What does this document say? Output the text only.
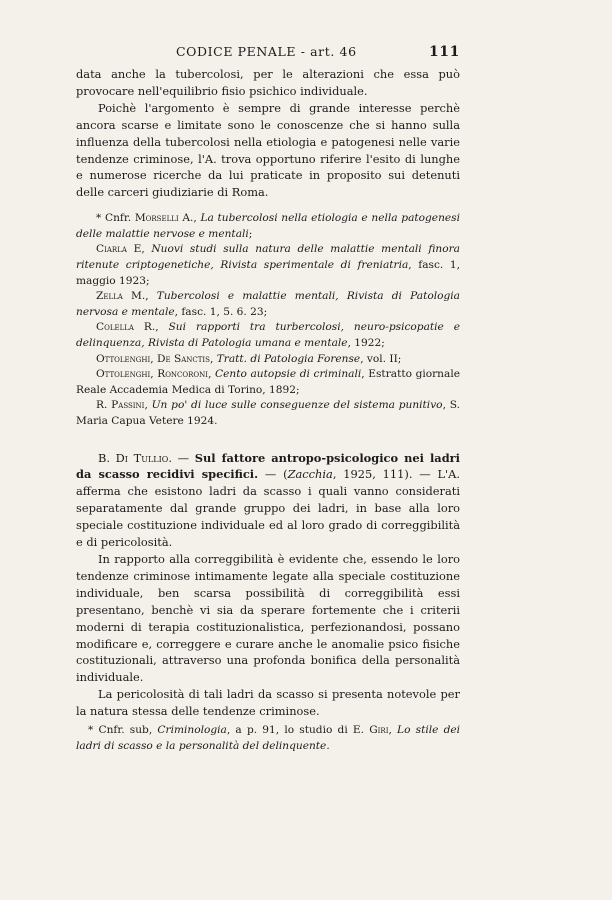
CODICE PENALE - art. 46	111

data anche la tubercolosi, per le alterazioni che essa può provocare nell'equilibrio fisio psichico individuale.

Poichè l'argomento è sempre di grande interesse perchè ancora scarse e limitate sono le conoscenze che si hanno sulla influenza della tubercolosi nella etiologia e patogenesi nelle varie tendenze criminose, l'A. trova opportuno riferire l'esito di lunghe e numerose ricerche da lui praticate in proposito sui detenuti delle carceri giudiziarie di Roma.

* Cnfr. Morselli A., La tubercolosi nella etiologia e nella patogenesi delle malattie nervose e mentali;

Ciarla E, Nuovi studi sulla natura delle malattie mentali finora ritenute criptogenetiche, Rivista sperimentale di freniatria, fasc. 1, maggio 1923;

Zella M., Tubercolosi e malattie mentali, Rivista di Patologia nervosa e mentale, fasc. 1, 5. 6. 23;

Colella R., Sui rapporti tra turbercolosi, neuro-psicopatie e delinquenza, Rivista di Patologia umana e mentale, 1922;

Ottolenghi, De Sanctis, Tratt. di Patologia Forense, vol. II;

Ottolenghi, Roncoroni, Cento autopsie di criminali, Estratto giornale Reale Accademia Medica di Torino, 1892;

R. Passini, Un po' di luce sulle conseguenze del sistema punitivo, S. Maria Capua Vetere 1924.

B. Di Tullio. — Sul fattore antropo-psicologico nei ladri da scasso recidivi specifici. — (Zacchia, 1925, 111). — L'A. afferma che esistono ladri da scasso i quali vanno considerati separatamente dal grande gruppo dei ladri, in base alla loro speciale costituzione individuale ed al loro grado di correggibilità e di pericolosità.

In rapporto alla correggibilità è evidente che, essendo le loro tendenze criminose intimamente legate alla speciale costituzione individuale, ben scarsa possibilità di correggibilità essi presentano, benchè vi sia da sperare fortemente che i criterii moderni di terapia costituzionalistica, perfezionandosi, possano modificare e, correggere e curare anche le anomalie psico fisiche costituzionali, attraverso una profonda bonifica della personalità individuale.

La pericolosità di tali ladri da scasso si presenta notevole per la natura stessa delle tendenze criminose.

* Cnfr. sub, Criminologia, a p. 91, lo studio di E. Giri, Lo stile dei ladri di scasso e la personalità del delinquente.
